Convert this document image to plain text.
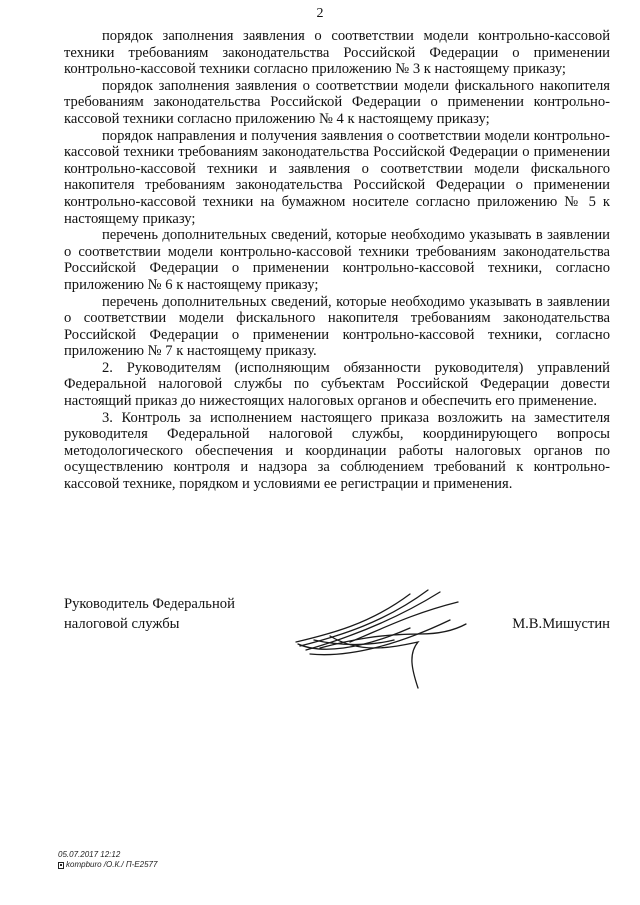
2

порядок заполнения заявления о соответствии модели контрольно-кассовой техники требованиям законодательства Российской Федерации о применении контрольно-кассовой техники согласно приложению № 3 к настоящему приказу;

порядок заполнения заявления о соответствии модели фискального накопителя требованиям законодательства Российской Федерации о применении контрольно-кассовой техники согласно приложению № 4 к настоящему приказу;

порядок направления и получения заявления о соответствии модели контрольно-кассовой техники требованиям законодательства Российской Федерации о применении контрольно-кассовой техники и заявления о соответствии модели фискального накопителя требованиям законодательства Российской Федерации о применении контрольно-кассовой техники на бумажном носителе согласно приложению № 5 к настоящему приказу;

перечень дополнительных сведений, которые необходимо указывать в заявлении о соответствии модели контрольно-кассовой техники требованиям законодательства Российской Федерации о применении контрольно-кассовой техники, согласно приложению № 6 к настоящему приказу;

перечень дополнительных сведений, которые необходимо указывать в заявлении о соответствии модели фискального накопителя требованиям законодательства Российской Федерации о применении контрольно-кассовой техники, согласно приложению № 7 к настоящему приказу.

2. Руководителям (исполняющим обязанности руководителя) управлений Федеральной налоговой службы по субъектам Российской Федерации довести настоящий приказ до нижестоящих налоговых органов и обеспечить его применение.

3. Контроль за исполнением настоящего приказа возложить на заместителя руководителя Федеральной налоговой службы, координирующего вопросы методологического обеспечения и координации работы налоговых органов по осуществлению контроля и надзора за соблюдением требований к контрольно-кассовой технике, порядком и условиями ее регистрации и применения.

Руководитель Федеральной
налоговой службы	М.В.Мишустин
05.07.2017 12:12
kompburo /О.К./ П-Е2577
